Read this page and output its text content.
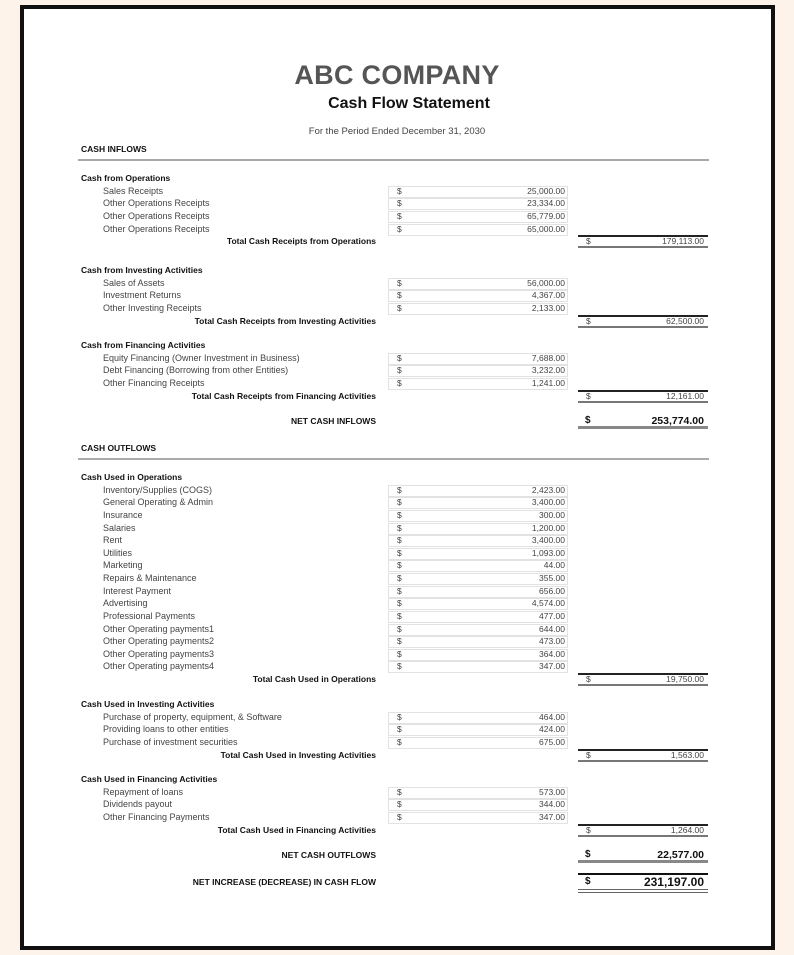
ABC COMPANY
Cash Flow Statement
For the Period Ended December 31, 2030
CASH INFLOWS
Cash from Operations
Sales Receipts	$	25,000.00
Other Operations Receipts	$	23,334.00
Other Operations Receipts	$	65,779.00
Other Operations Receipts	$	65,000.00
Total Cash Receipts from Operations	$	179,113.00
Cash from Investing Activities
Sales of Assets	$	56,000.00
Investment Returns	$	4,367.00
Other Investing Receipts	$	2,133.00
Total Cash Receipts from Investing Activities	$	62,500.00
Cash from Financing Activities
Equity Financing (Owner Investment in Business)	$	7,688.00
Debt Financing (Borrowing from other Entities)	$	3,232.00
Other Financing Receipts	$	1,241.00
Total Cash Receipts from Financing Activities	$	12,161.00
NET CASH INFLOWS	$	253,774.00
CASH OUTFLOWS
Cash Used in Operations
Inventory/Supplies (COGS)	$	2,423.00
General Operating & Admin	$	3,400.00
Insurance	$	300.00
Salaries	$	1,200.00
Rent	$	3,400.00
Utilities	$	1,093.00
Marketing	$	44.00
Repairs & Maintenance	$	355.00
Interest Payment	$	656.00
Advertising	$	4,574.00
Professional Payments	$	477.00
Other Operating payments1	$	644.00
Other Operating payments2	$	473.00
Other Operating payments3	$	364.00
Other Operating payments4	$	347.00
Total Cash Used in Operations	$	19,750.00
Cash Used in Investing Activities
Purchase of property, equipment, & Software	$	464.00
Providing loans to other entities	$	424.00
Purchase of investment securities	$	675.00
Total Cash Used in Investing Activities	$	1,563.00
Cash Used in Financing Activities
Repayment of loans	$	573.00
Dividends payout	$	344.00
Other Financing Payments	$	347.00
Total Cash Used in Financing Activities	$	1,264.00
NET CASH OUTFLOWS	$	22,577.00
NET INCREASE (DECREASE) IN CASH FLOW	$	231,197.00
